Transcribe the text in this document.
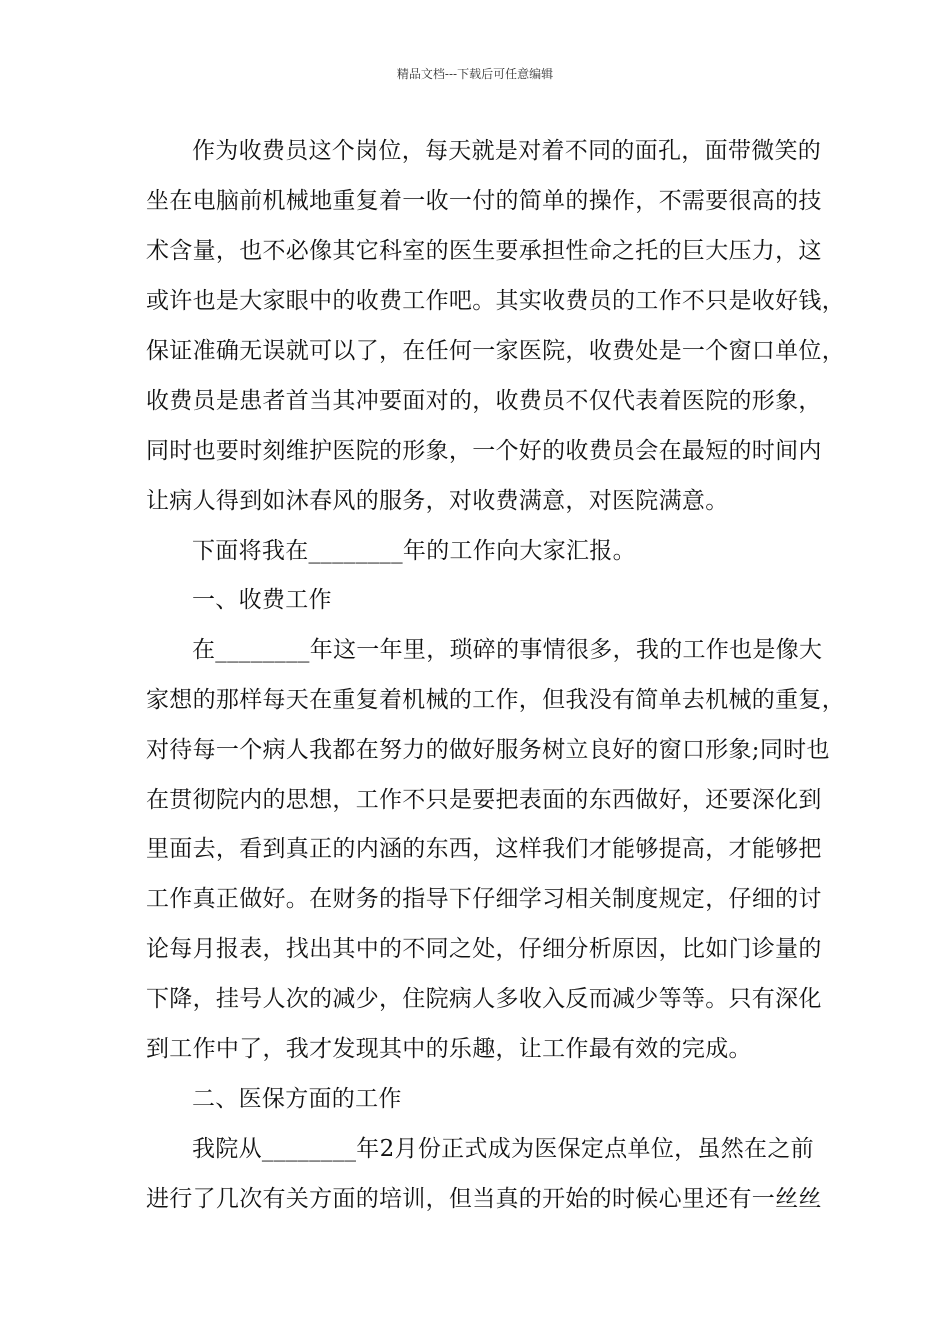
精品文档---下载后可任意编辑
作为收费员这个岗位，每天就是对着不同的面孔，面带微笑的
坐在电脑前机械地重复着一收一付的简单的操作，不需要很高的技
术含量，也不必像其它科室的医生要承担性命之托的巨大压力，这
或许也是大家眼中的收费工作吧。其实收费员的工作不只是收好钱，
保证准确无误就可以了，在任何一家医院，收费处是一个窗口单位，
收费员是患者首当其冲要面对的，收费员不仅代表着医院的形象，
同时也要时刻维护医院的形象，一个好的收费员会在最短的时间内
让病人得到如沐春风的服务，对收费满意，对医院满意。
下面将我在________年的工作向大家汇报。
一、收费工作
在________年这一年里，琐碎的事情很多，我的工作也是像大
家想的那样每天在重复着机械的工作，但我没有简单去机械的重复，
对待每一个病人我都在努力的做好服务树立良好的窗口形象;同时也
在贯彻院内的思想，工作不只是要把表面的东西做好，还要深化到
里面去，看到真正的内涵的东西，这样我们才能够提高，才能够把
工作真正做好。在财务的指导下仔细学习相关制度规定，仔细的讨
论每月报表，找出其中的不同之处，仔细分析原因，比如门诊量的
下降，挂号人次的减少，住院病人多收入反而减少等等。只有深化
到工作中了，我才发现其中的乐趣，让工作最有效的完成。
二、医保方面的工作
我院从________年2月份正式成为医保定点单位，虽然在之前
进行了几次有关方面的培训，但当真的开始的时候心里还有一丝丝
